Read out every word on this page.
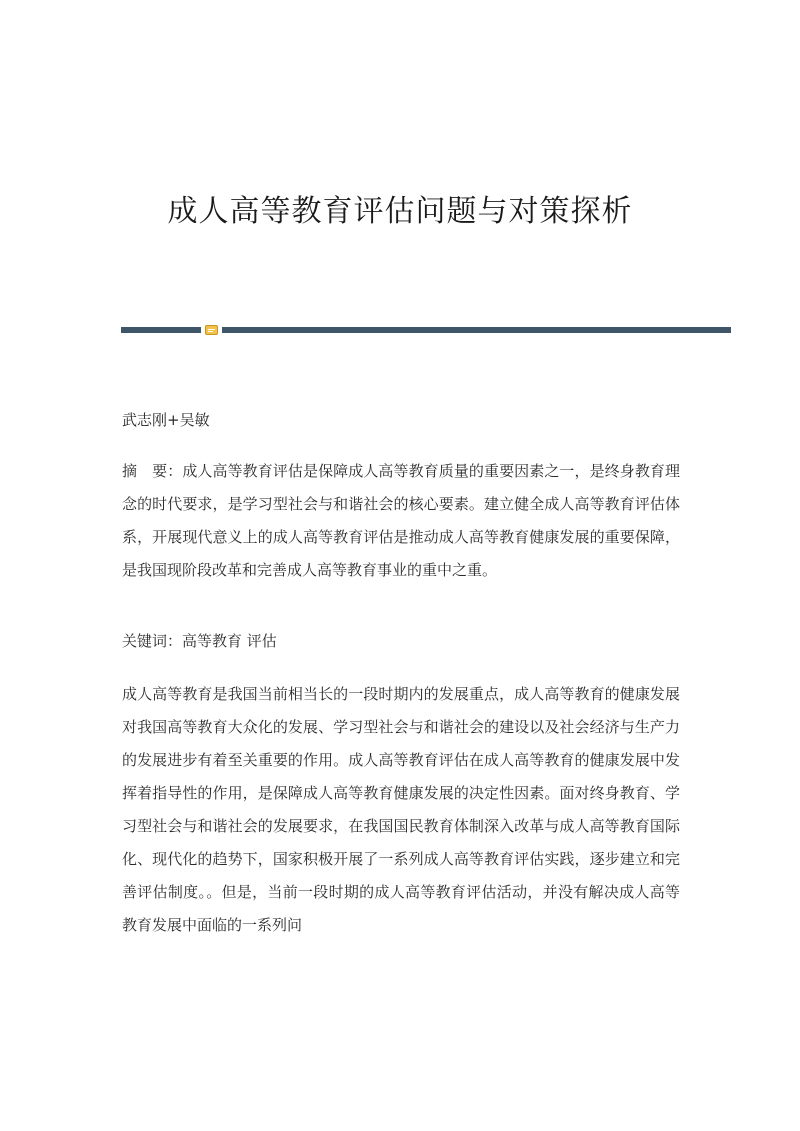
成人高等教育评估问题与对策探析

武志刚+吴敏

摘　要：成人高等教育评估是保障成人高等教育质量的重要因素之一，是终身教育理念的时代要求，是学习型社会与和谐社会的核心要素。建立健全成人高等教育评估体系，开展现代意义上的成人高等教育评估是推动成人高等教育健康发展的重要保障，是我国现阶段改革和完善成人高等教育事业的重中之重。

关键词：高等教育 评估

成人高等教育是我国当前相当长的一段时期内的发展重点，成人高等教育的健康发展对我国高等教育大众化的发展、学习型社会与和谐社会的建设以及社会经济与生产力的发展进步有着至关重要的作用。成人高等教育评估在成人高等教育的健康发展中发挥着指导性的作用，是保障成人高等教育健康发展的决定性因素。面对终身教育、学习型社会与和谐社会的发展要求，在我国国民教育体制深入改革与成人高等教育国际化、现代化的趋势下，国家积极开展了一系列成人高等教育评估实践，逐步建立和完善评估制度。。但是，当前一段时期的成人高等教育评估活动，并没有解决成人高等教育发展中面临的一系列问
